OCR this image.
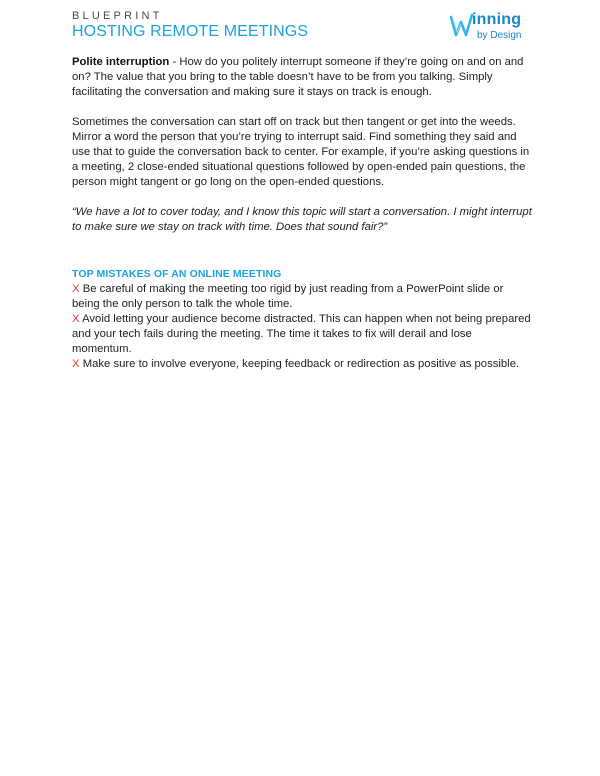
BLUEPRINT
HOSTING REMOTE MEETINGS
inning
by Design

Polite interruption - How do you politely interrupt someone if they’re going on and on and on? The value that you bring to the table doesn’t have to be from you talking. Simply facilitating the conversation and making sure it stays on track is enough.

Sometimes the conversation can start off on track but then tangent or get into the weeds. Mirror a word the person that you’re trying to interrupt said. Find something they said and use that to guide the conversation back to center. For example, if you’re asking questions in a meeting, 2 close-ended situational questions followed by open-ended pain questions, the person might tangent or go long on the open-ended questions.

“We have a lot to cover today, and I know this topic will start a conversation. I might interrupt to make sure we stay on track with time. Does that sound fair?”

TOP MISTAKES OF AN ONLINE MEETING
X Be careful of making the meeting too rigid by just reading from a PowerPoint slide or being the only person to talk the whole time.
X Avoid letting your audience become distracted. This can happen when not being prepared and your tech fails during the meeting. The time it takes to fix will derail and lose momentum.
X Make sure to involve everyone, keeping feedback or redirection as positive as possible.
